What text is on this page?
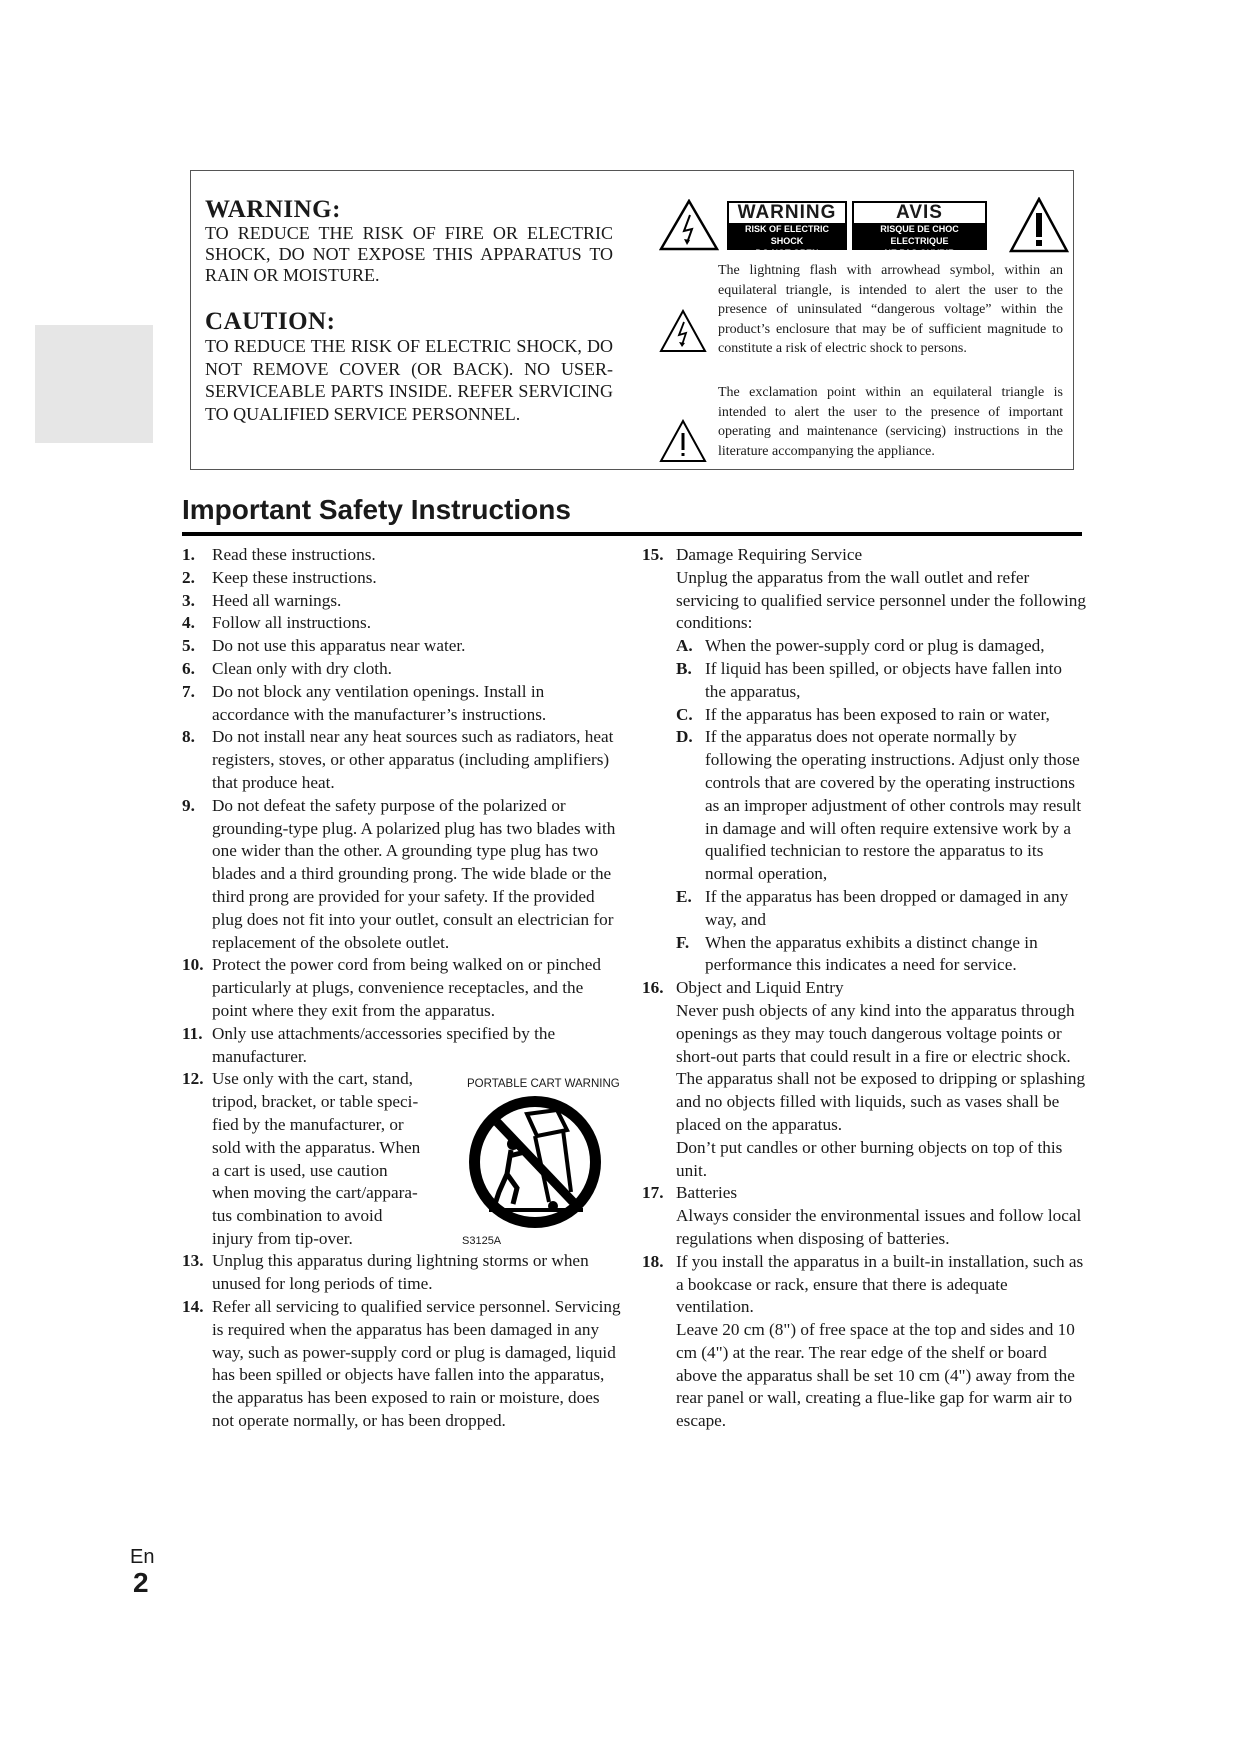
WARNING:

TO REDUCE THE RISK OF FIRE OR ELECTRIC SHOCK, DO NOT EXPOSE THIS APPARATUS TO RAIN OR MOISTURE.

CAUTION:

TO REDUCE THE RISK OF ELECTRIC SHOCK, DO NOT REMOVE COVER (OR BACK). NO USER-SERVICEABLE PARTS INSIDE. REFER SERVICING TO QUALIFIED SERVICE PERSONNEL.

WARNING
RISK OF ELECTRIC SHOCK
DO NOT OPEN
AVIS
RISQUE DE CHOC ELECTRIQUE
NE PAS OUVRIR

The lightning flash with arrowhead symbol, within an equilateral triangle, is intended to alert the user to the presence of uninsulated “dangerous voltage” within the product’s enclosure that may be of sufficient magnitude to constitute a risk of electric shock to persons.

The exclamation point within an equilateral triangle is intended to alert the user to the presence of important operating and maintenance (servicing) instructions in the literature accompanying the appliance.

Important Safety Instructions
1. Read these instructions.
2. Keep these instructions.
3. Heed all warnings.
4. Follow all instructions.
5. Do not use this apparatus near water.
6. Clean only with dry cloth.
7. Do not block any ventilation openings. Install in accordance with the manufacturer’s instructions.
8. Do not install near any heat sources such as radiators, heat registers, stoves, or other apparatus (including amplifiers) that produce heat.
9. Do not defeat the safety purpose of the polarized or grounding-type plug. A polarized plug has two blades with one wider than the other. A grounding type plug has two blades and a third grounding prong. The wide blade or the third prong are provided for your safety. If the provided plug does not fit into your outlet, consult an electrician for replacement of the obsolete outlet.
10. Protect the power cord from being walked on or pinched particularly at plugs, convenience receptacles, and the point where they exit from the apparatus.
11. Only use attachments/accessories specified by the manufacturer.
12. Use only with the cart, stand,
tripod, bracket, or table speci-
fied by the manufacturer, or
sold with the apparatus. When
a cart is used, use caution
when moving the cart/appara-
tus combination to avoid
injury from tip-over.
13. Unplug this apparatus during lightning storms or when unused for long periods of time.
14. Refer all servicing to qualified service personnel. Servicing is required when the apparatus has been damaged in any way, such as power-supply cord or plug is damaged, liquid has been spilled or objects have fallen into the apparatus, the apparatus has been exposed to rain or moisture, does not operate normally, or has been dropped.
PORTABLE CART WARNING
S3125A
15. Damage Requiring Service
Unplug the apparatus from the wall outlet and refer servicing to qualified service personnel under the following conditions:
A. When the power-supply cord or plug is damaged,
B. If liquid has been spilled, or objects have fallen into the apparatus,
C. If the apparatus has been exposed to rain or water,
D. If the apparatus does not operate normally by following the operating instructions. Adjust only those controls that are covered by the operating instructions as an improper adjustment of other controls may result in damage and will often require extensive work by a qualified technician to restore the apparatus to its normal operation,
E. If the apparatus has been dropped or damaged in any way, and
F. When the apparatus exhibits a distinct change in performance this indicates a need for service.
16. Object and Liquid Entry
Never push objects of any kind into the apparatus through openings as they may touch dangerous voltage points or short-out parts that could result in a fire or electric shock.
The apparatus shall not be exposed to dripping or splashing and no objects filled with liquids, such as vases shall be placed on the apparatus.
Don’t put candles or other burning objects on top of this unit.
17. Batteries
Always consider the environmental issues and follow local regulations when disposing of batteries.
18. If you install the apparatus in a built-in installation, such as a bookcase or rack, ensure that there is adequate ventilation.
Leave 20 cm (8") of free space at the top and sides and 10 cm (4") at the rear. The rear edge of the shelf or board above the apparatus shall be set 10 cm (4") away from the rear panel or wall, creating a flue-like gap for warm air to escape.
En
2
